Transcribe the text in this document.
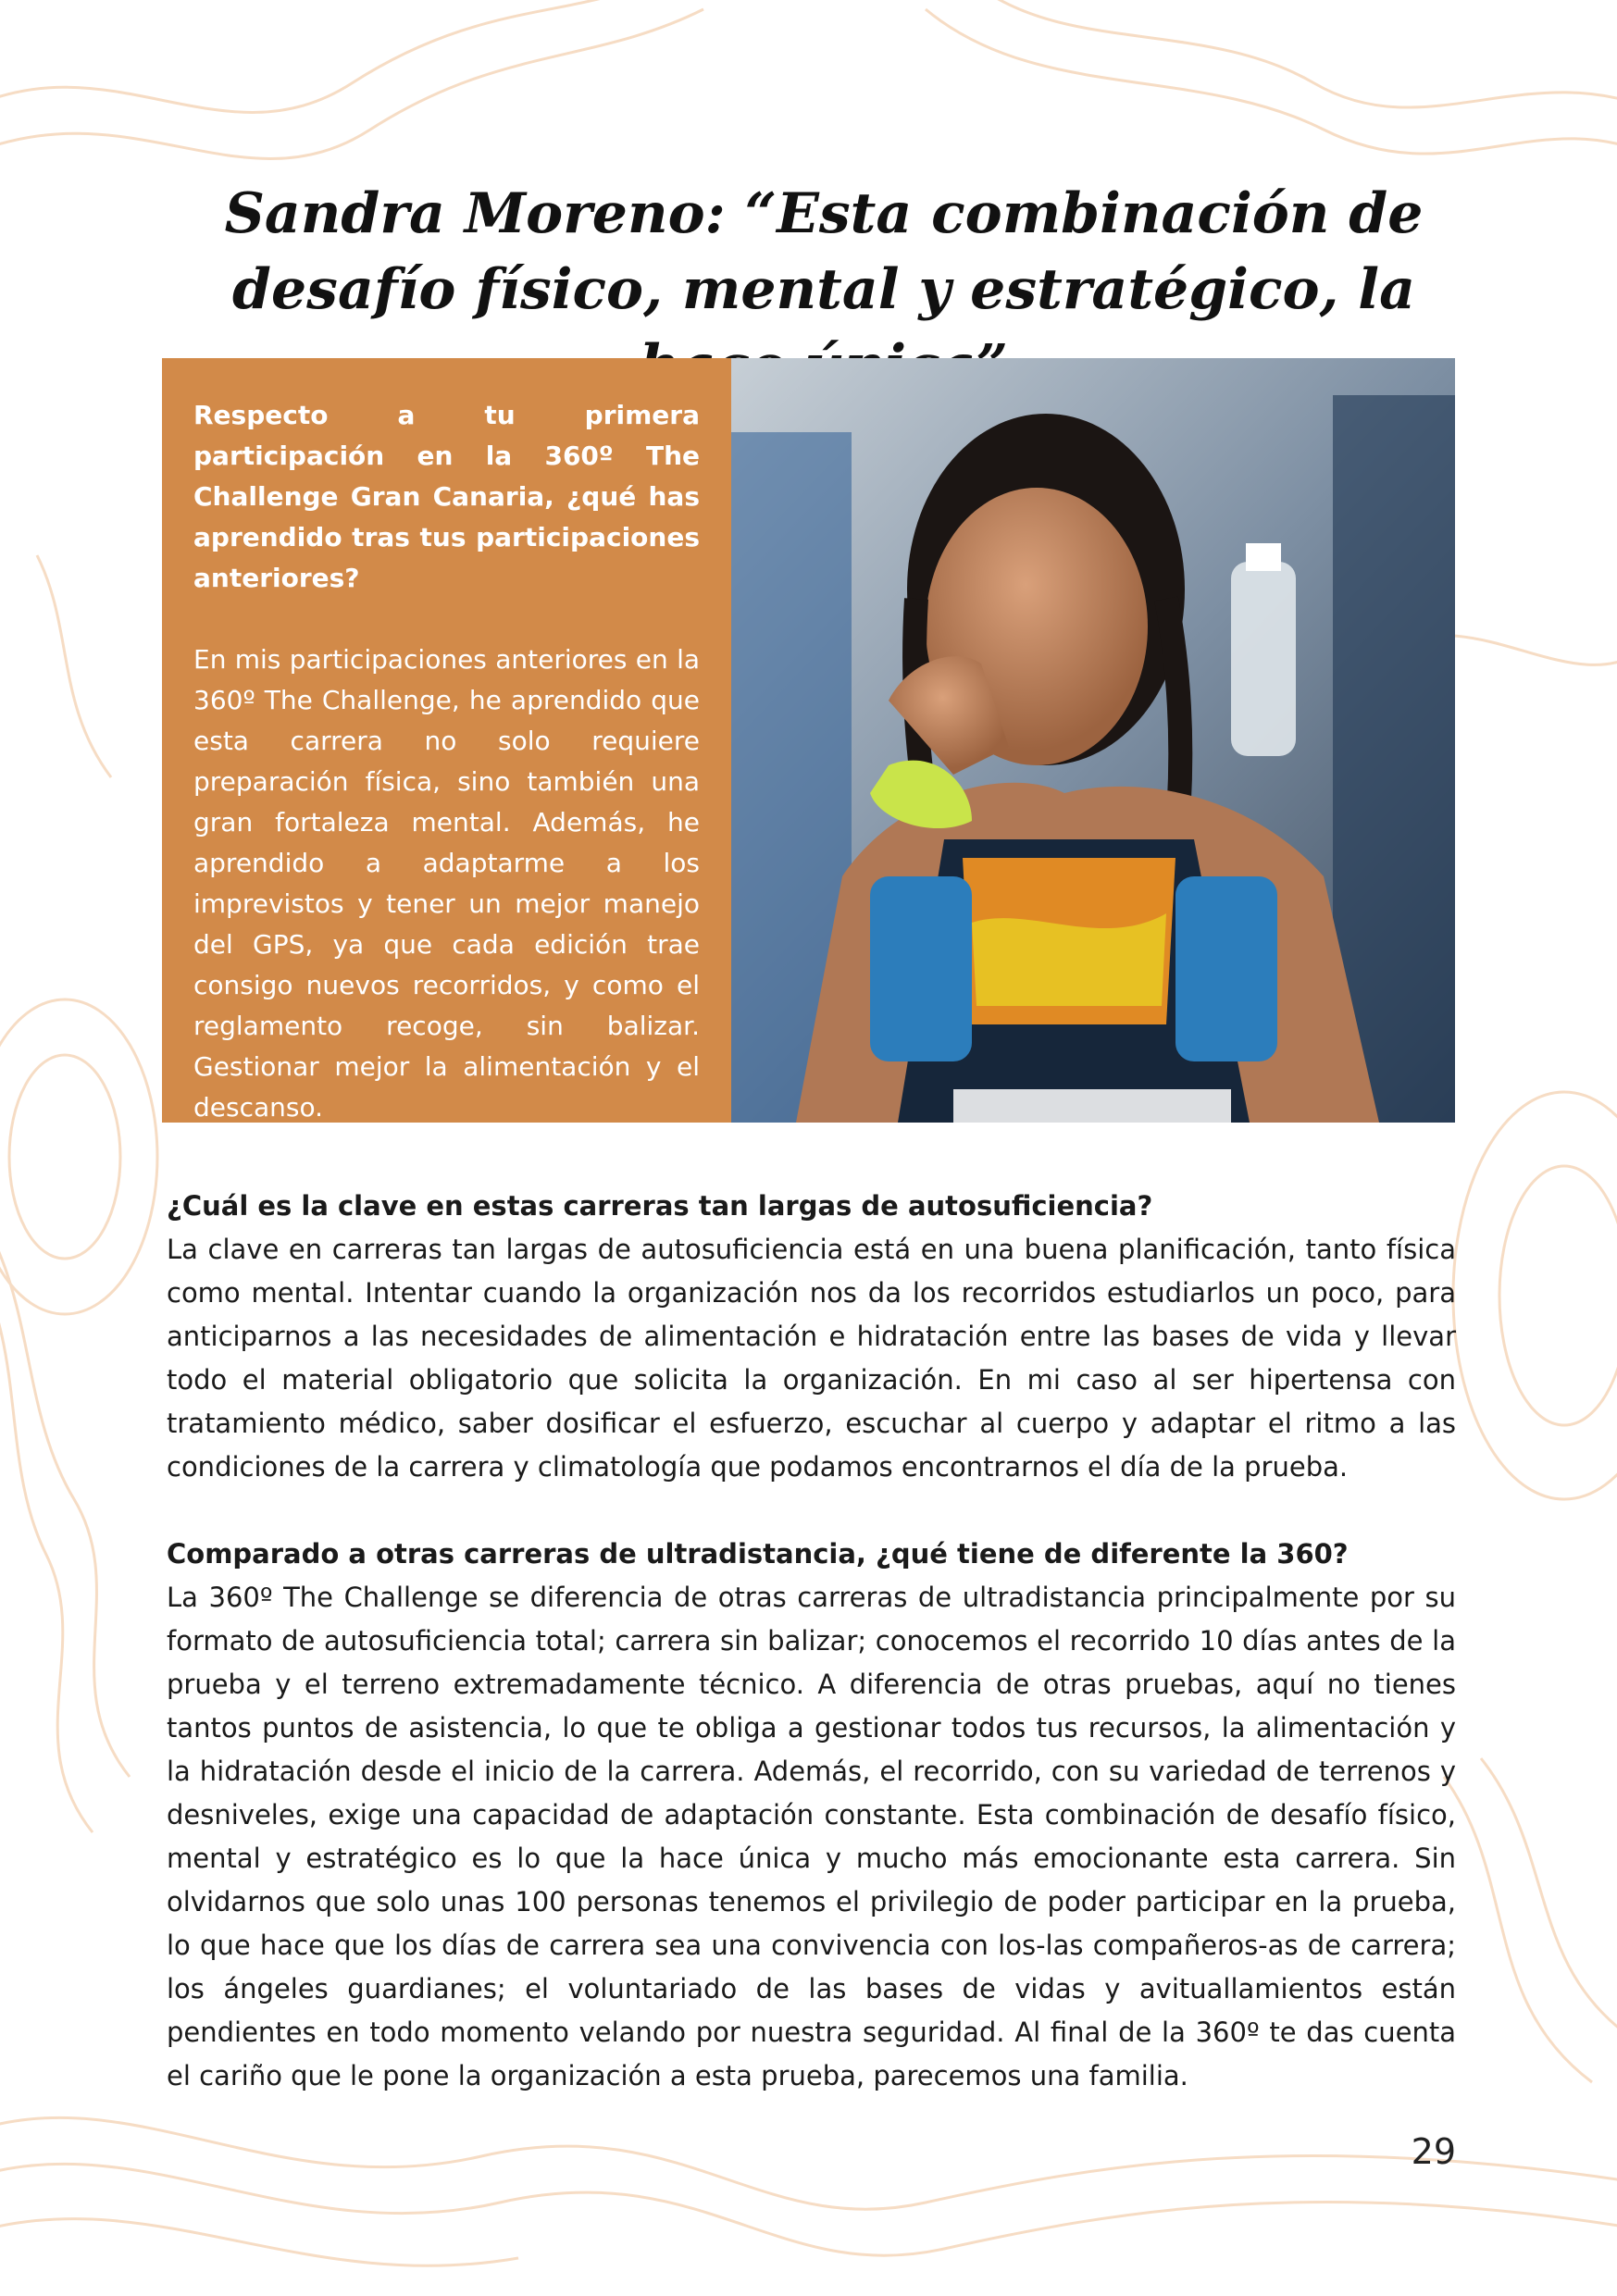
Sandra Moreno: “Esta combinación de desafío físico, mental y estratégico, la

Respecto a tu primera participación en la 360º The Challenge Gran Canaria, ¿qué has aprendido tras tus participaciones anteriores?

En mis participaciones anteriores en la 360º The Challenge, he aprendido que esta carrera no solo requiere preparación física, sino también una gran fortaleza mental. Además, he aprendido a adaptarme a los imprevistos y tener un mejor manejo del GPS, ya que cada edición trae consigo nuevos recorridos, y como el reglamento recoge, sin balizar. Gestionar mejor la alimentación y el descanso.

¿Cuál es la clave en estas carreras tan largas de autosuficiencia?

La clave en carreras tan largas de autosuficiencia está en una buena planificación, tanto física como mental. Intentar cuando la organización nos da los recorridos estudiarlos un poco, para anticiparnos a las necesidades de alimentación e hidratación entre las bases de vida y llevar todo el material obligatorio que solicita la organización. En mi caso al ser hipertensa con tratamiento médico, saber dosificar el esfuerzo, escuchar al cuerpo y adaptar el ritmo a las condiciones de la carrera y climatología que podamos encontrarnos el día de la prueba.

Comparado a otras carreras de ultradistancia, ¿qué tiene de diferente la 360?

La 360º The Challenge se diferencia de otras carreras de ultradistancia principalmente por su formato de autosuficiencia total; carrera sin balizar; conocemos el recorrido 10 días antes de la prueba y el terreno extremadamente técnico. A diferencia de otras pruebas, aquí no tienes tantos puntos de asistencia, lo que te obliga a gestionar todos tus recursos, la alimentación y la hidratación desde el inicio de la carrera. Además, el recorrido, con su variedad de terrenos y desniveles, exige una capacidad de adaptación constante. Esta combinación de desafío físico, mental y estratégico es lo que la hace única y mucho más emocionante esta carrera. Sin olvidarnos que solo unas 100 personas tenemos el privilegio de poder participar en la prueba, lo que hace que los días de carrera sea una convivencia con los-las compañeros-as de carrera; los ángeles guardianes; el voluntariado de las bases de vidas y avituallamientos están pendientes en todo momento velando por nuestra seguridad. Al final de la 360º te das cuenta el cariño que le pone la organización a esta prueba, parecemos una familia.

29
